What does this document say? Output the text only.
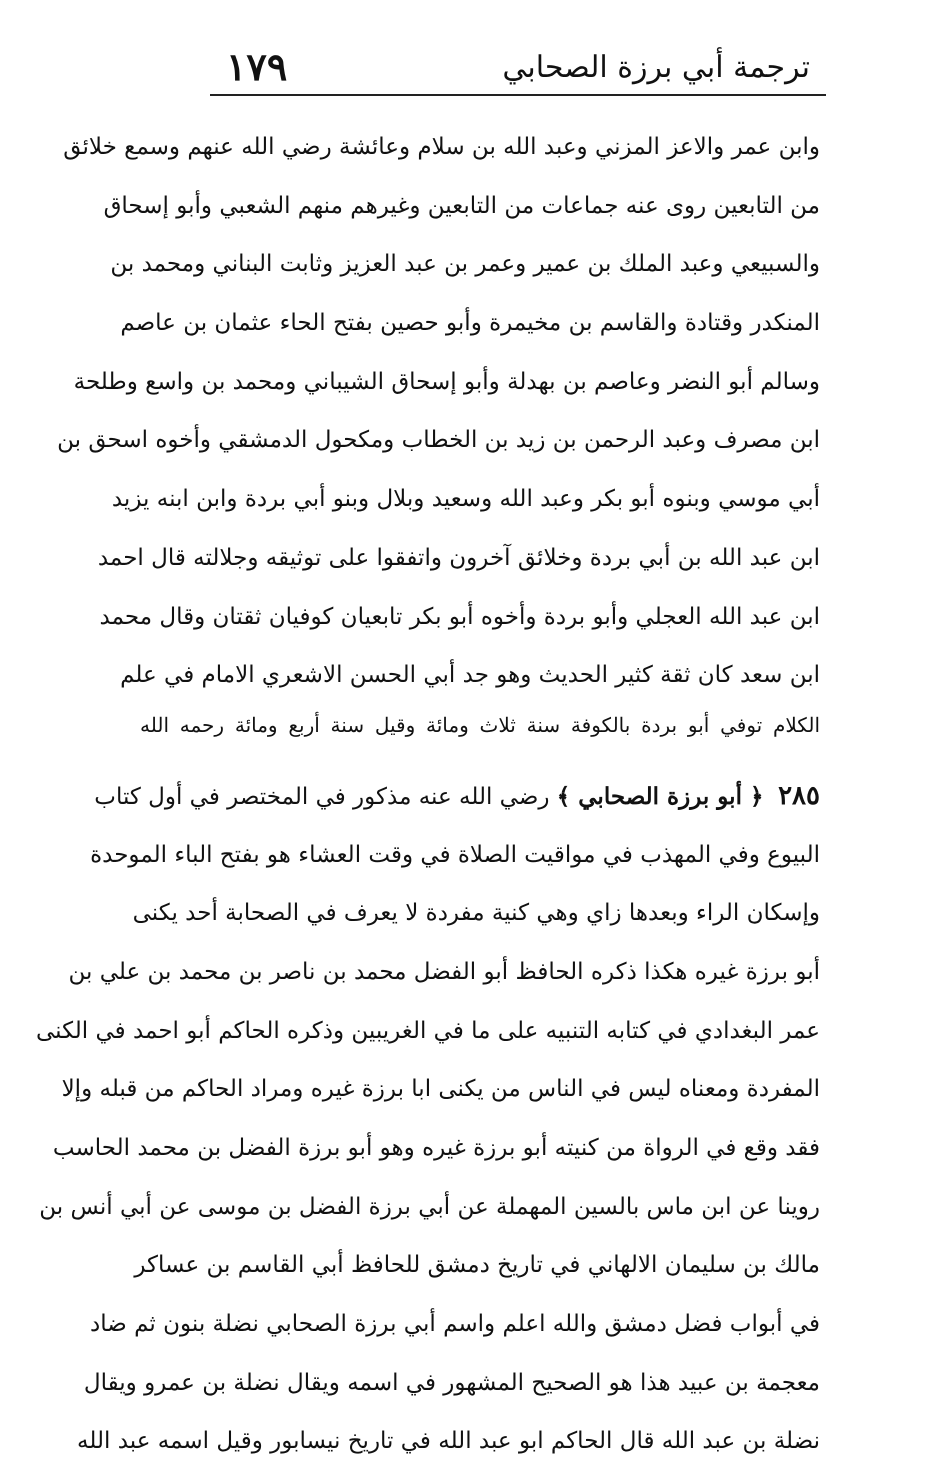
١٧٩	ترجمة أبي برزة الصحابي
وابن عمر والاعز المزني وعبد الله بن سلام وعائشة رضي الله عنهم وسمع خلائق
من التابعين روى عنه جماعات من التابعين وغيرهم منهم الشعبي وأبو إسحاق
والسبيعي وعبد الملك بن عمير وعمر بن عبد العزيز وثابت البناني ومحمد بن
المنكدر وقتادة والقاسم بن مخيمرة وأبو حصين بفتح الحاء عثمان بن عاصم
وسالم أبو النضر وعاصم بن بهدلة وأبو إسحاق الشيباني ومحمد بن واسع وطلحة
ابن مصرف وعبد الرحمن بن زيد بن الخطاب ومكحول الدمشقي وأخوه اسحق بن
أبي موسي وبنوه أبو بكر وعبد الله وسعيد وبلال وبنو أبي بردة وابن ابنه يزيد
ابن عبد الله بن أبي بردة وخلائق آخرون واتفقوا على توثيقه وجلالته قال احمد
ابن عبد الله العجلي وأبو بردة وأخوه أبو بكر تابعيان كوفيان ثقتان وقال محمد
ابن سعد كان ثقة كثير الحديث وهو جد أبي الحسن الاشعري الامام في علم
الكلام توفي أبو بردة بالكوفة سنة ثلاث ومائة وقيل سنة أربع ومائة رحمه الله
٢٨٥  ﴿ أبو برزة الصحابي ﴾ رضي الله عنه مذكور في المختصر في أول كتاب
البيوع وفي المهذب في مواقيت الصلاة في وقت العشاء هو بفتح الباء الموحدة
وإسكان الراء وبعدها زاي وهي كنية مفردة لا يعرف في الصحابة أحد يكنى
أبو برزة غيره هكذا ذكره الحافظ أبو الفضل محمد بن ناصر بن محمد بن علي بن
عمر البغدادي في كتابه التنبيه على ما في الغريبين وذكره الحاكم أبو احمد في الكنى
المفردة ومعناه ليس في الناس من يكنى ابا برزة غيره ومراد الحاكم من قبله وإلا
فقد وقع في الرواة من كنيته أبو برزة غيره وهو أبو برزة الفضل بن محمد الحاسب
روينا عن ابن ماس بالسين المهملة عن أبي برزة الفضل بن موسى عن أبي أنس بن
مالك بن سليمان الالهاني في تاريخ دمشق للحافظ أبي القاسم بن عساكر
في أبواب فضل دمشق والله اعلم واسم أبي برزة الصحابي نضلة بنون ثم ضاد
معجمة بن عبيد هذا هو الصحيح المشهور في اسمه ويقال نضلة بن عمرو ويقال
نضلة بن عبد الله قال الحاكم ابو عبد الله في تاريخ نيسابور وقيل اسمه عبد الله
